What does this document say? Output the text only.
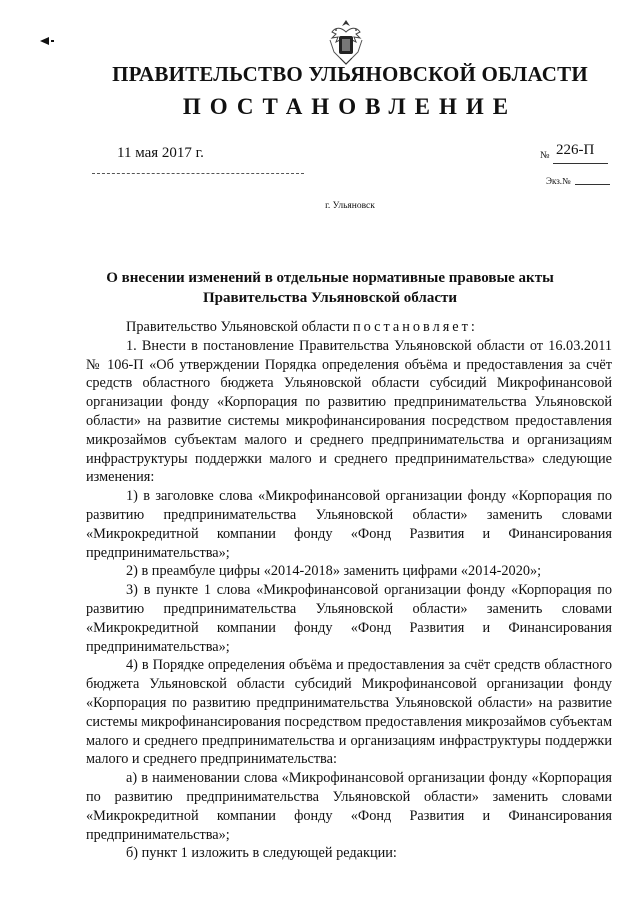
ПРАВИТЕЛЬСТВО УЛЬЯНОВСКОЙ ОБЛАСТИ
ПОСТАНОВЛЕНИЕ
11 мая 2017 г.	№ 226-П
Экз.№
г. Ульяновск
О внесении изменений в отдельные нормативные правовые акты
Правительства Ульяновской области

Правительство Ульяновской области постановляет:

1. Внести в постановление Правительства Ульяновской области от 16.03.2011 № 106-П «Об утверждении Порядка определения объёма и предоставления за счёт средств областного бюджета Ульяновской области субсидий Микрофинансовой организации фонду «Корпорация по развитию предпринимательства Ульяновской области» на развитие системы микрофинансирования посредством предоставления микрозаймов субъектам малого и среднего предпринимательства и организациям инфраструктуры поддержки малого и среднего предпринимательства» следующие изменения:

1) в заголовке слова «Микрофинансовой организации фонду «Корпорация по развитию предпринимательства Ульяновской области» заменить словами «Микрокредитной компании фонду «Фонд Развития и Финансирования предпринимательства»;

2) в преамбуле цифры «2014-2018» заменить цифрами «2014-2020»;

3) в пункте 1 слова «Микрофинансовой организации фонду «Корпорация по развитию предпринимательства Ульяновской области» заменить словами «Микрокредитной компании фонду «Фонд Развития и Финансирования предпринимательства»;

4) в Порядке определения объёма и предоставления за счёт средств областного бюджета Ульяновской области субсидий Микрофинансовой организации фонду «Корпорация по развитию предпринимательства Ульяновской области» на развитие системы микрофинансирования посредством предоставления микрозаймов субъектам малого и среднего предпринимательства и организациям инфраструктуры поддержки малого и среднего предпринимательства:

а) в наименовании слова «Микрофинансовой организации фонду «Корпорация по развитию предпринимательства Ульяновской области» заменить словами «Микрокредитной компании фонду «Фонд Развития и Финансирования предпринимательства»;

б) пункт 1 изложить в следующей редакции:
